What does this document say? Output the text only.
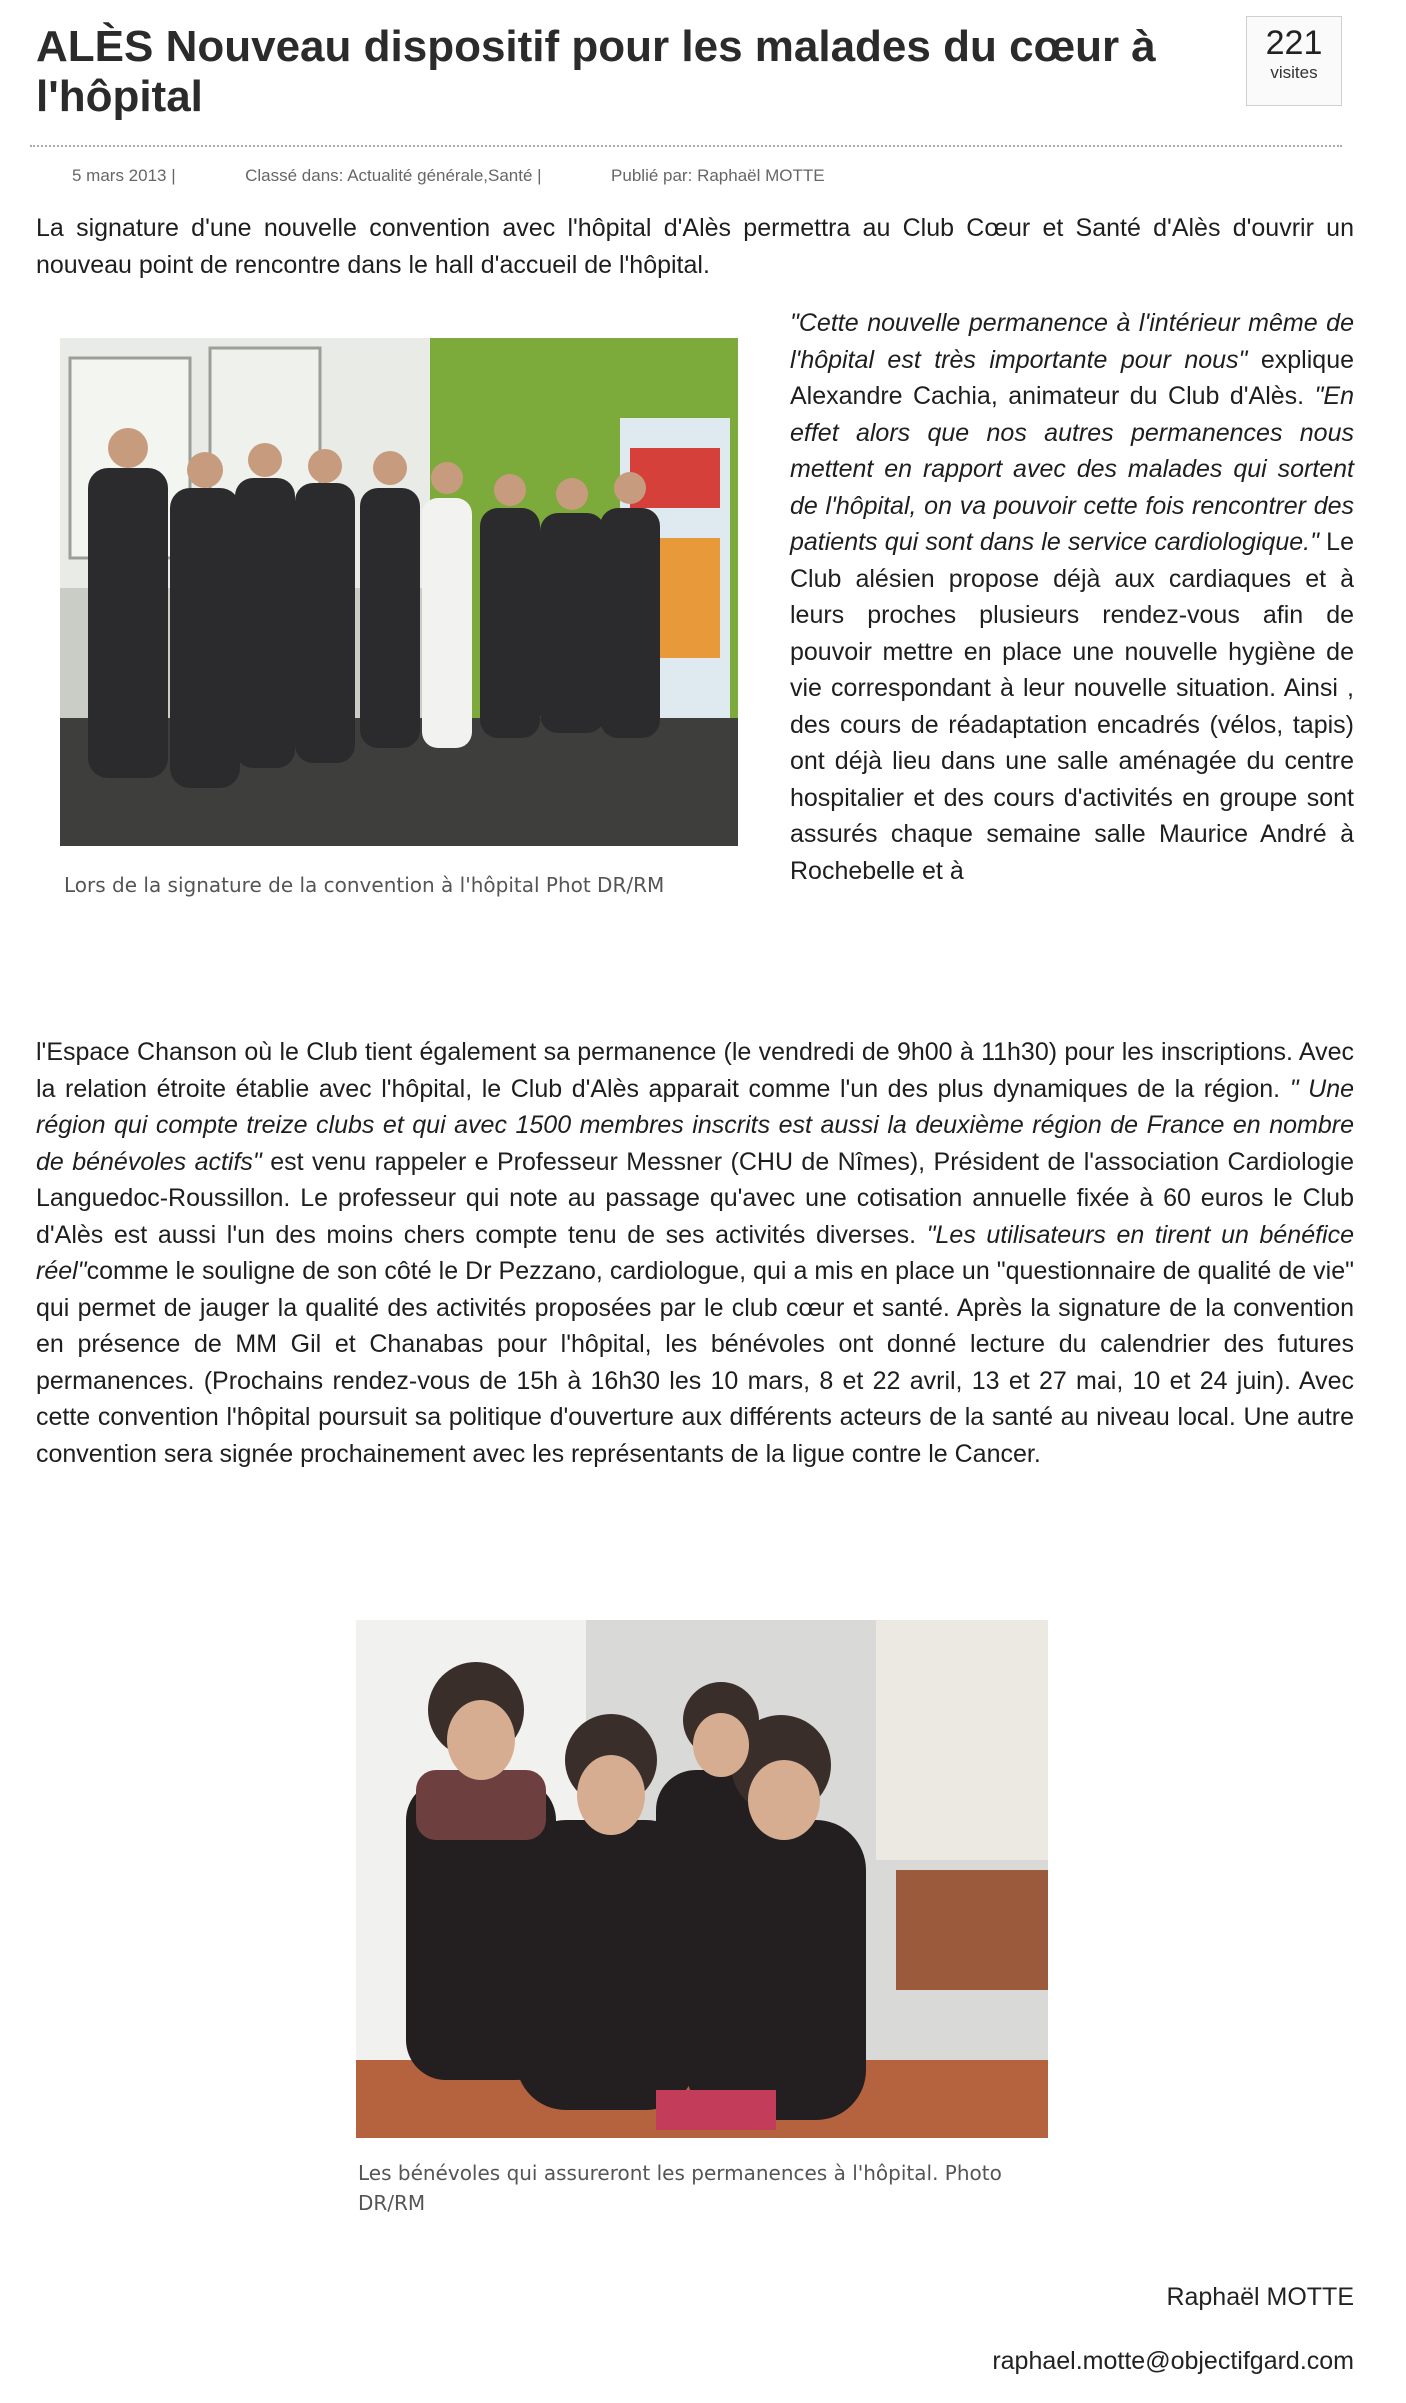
ALÈS Nouveau dispositif pour les malades du cœur à l'hôpital
221
visites
5 mars 2013 |	Classé dans: Actualité générale,Santé |	Publié par: Raphaël MOTTE

La signature d'une nouvelle convention avec l'hôpital d'Alès permettra au Club Cœur et Santé d'Alès d'ouvrir un nouveau point de rencontre dans le hall d'accueil de l'hôpital.

Lors de la signature de la convention à l'hôpital Phot DR/RM
"Cette nouvelle permanence à l'intérieur même de l'hôpital est très importante pour nous" explique Alexandre Cachia, animateur du Club d'Alès. "En effet alors que nos autres permanences nous mettent en rapport avec des malades qui sortent de l'hôpital, on va pouvoir cette fois rencontrer des patients qui sont dans le service cardiologique." Le Club alésien propose déjà aux cardiaques et à leurs proches plusieurs rendez-vous afin de pouvoir mettre en place une nouvelle hygiène de vie correspondant à leur nouvelle situation. Ainsi , des cours de réadaptation encadrés (vélos, tapis) ont déjà lieu dans une salle aménagée du centre hospitalier et des cours d'activités en groupe sont assurés chaque semaine salle Maurice André à Rochebelle et à
l'Espace Chanson où le Club tient également sa permanence (le vendredi de 9h00 à 11h30) pour les inscriptions. Avec la relation étroite établie avec l'hôpital, le Club d'Alès apparait comme l'un des plus dynamiques de la région. " Une région qui compte treize clubs et qui avec 1500 membres inscrits est aussi la deuxième région de France en nombre de bénévoles actifs" est venu rappeler e Professeur Messner (CHU de Nîmes), Président de l'association Cardiologie Languedoc-Roussillon. Le professeur qui note au passage qu'avec une cotisation annuelle fixée à 60 euros le Club d'Alès est aussi l'un des moins chers compte tenu de ses activités diverses. "Les utilisateurs en tirent un bénéfice réel"comme le souligne de son côté le Dr Pezzano, cardiologue, qui a mis en place un "questionnaire de qualité de vie" qui permet de jauger la qualité des activités proposées par le club cœur et santé. Après la signature de la convention en présence de MM Gil et Chanabas pour l'hôpital, les bénévoles ont donné lecture du calendrier des futures permanences. (Prochains rendez-vous de 15h à 16h30 les 10 mars, 8 et 22 avril, 13 et 27 mai, 10 et 24 juin). Avec cette convention l'hôpital poursuit sa politique d'ouverture aux différents acteurs de la santé au niveau local. Une autre convention sera signée prochainement avec les représentants de la ligue contre le Cancer.
Les bénévoles qui assureront les permanences à l'hôpital. Photo DR/RM
Raphaël MOTTE
raphael.motte@objectifgard.com
